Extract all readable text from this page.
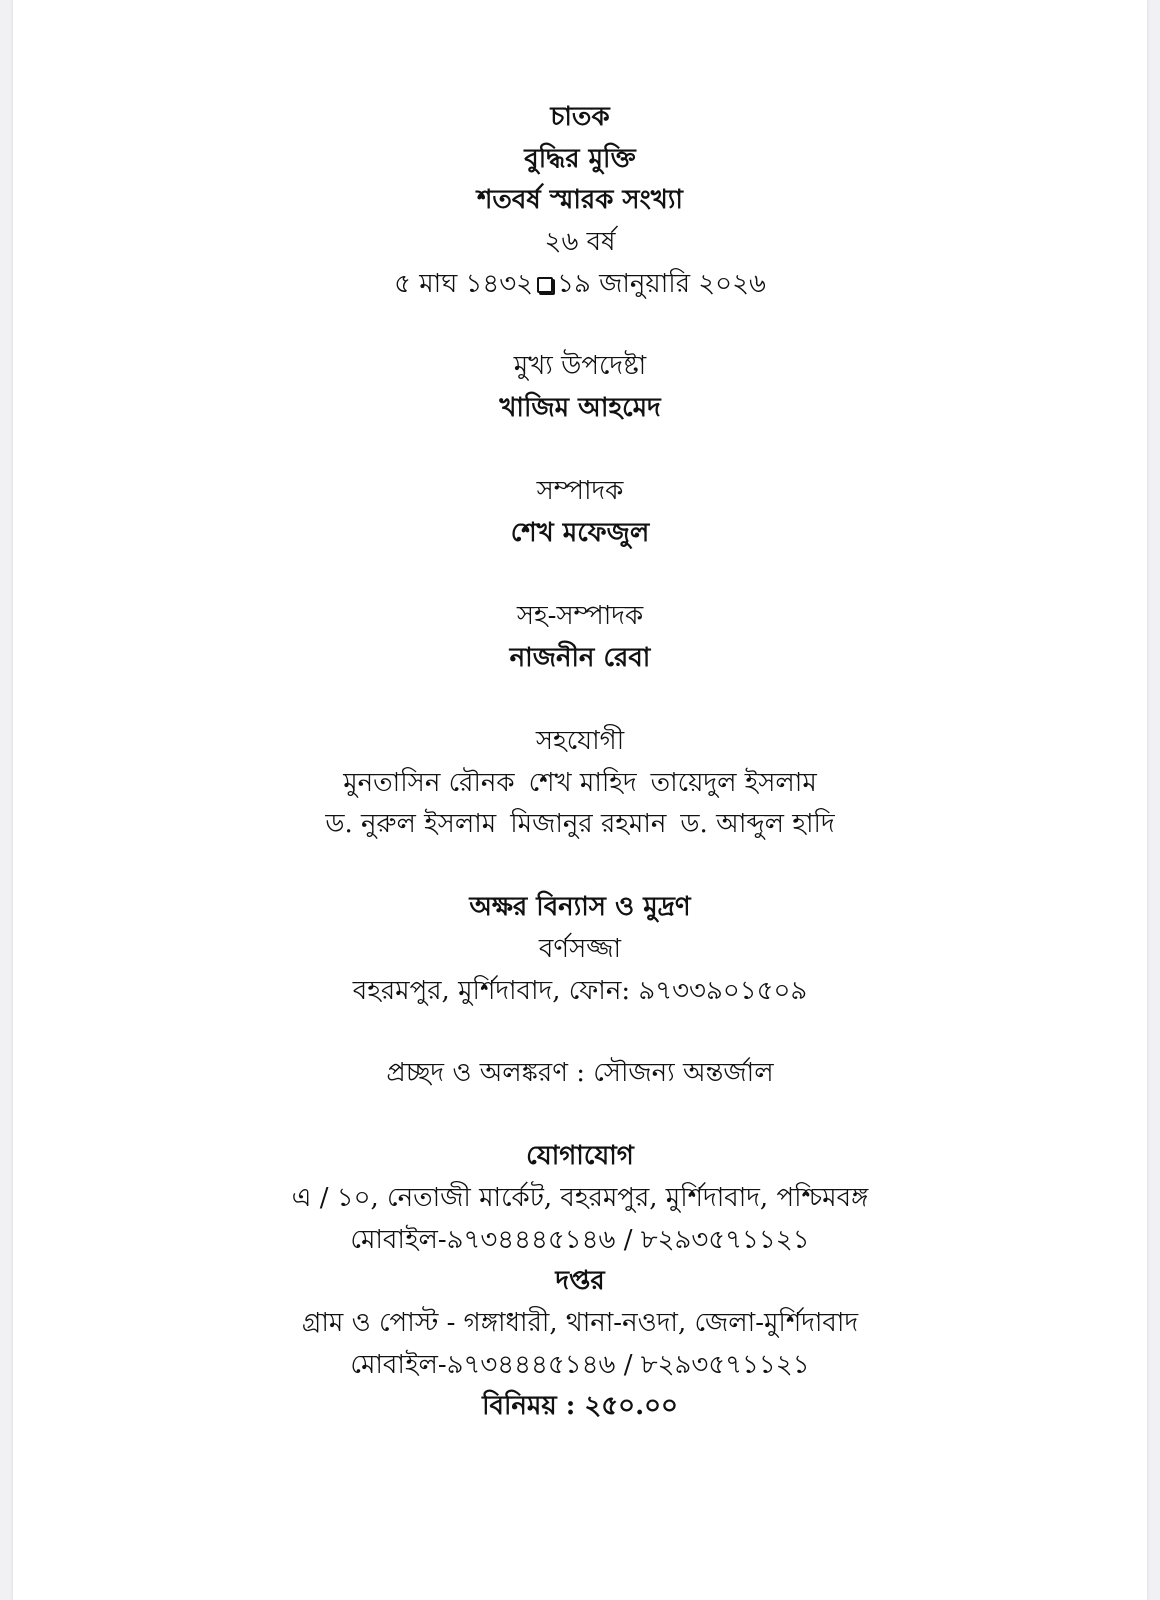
চাতক

বুদ্ধির মুক্তি

শতবর্ষ স্মারক সংখ্যা

২৬ বর্ষ

৫ মাঘ ১৪৩২ ১৯ জানুয়ারি ২০২৬

মুখ্য উপদেষ্টা

খাজিম আহমেদ

সম্পাদক

শেখ মফেজুল

সহ-সম্পাদক

নাজনীন রেবা

সহযোগী

মুনতাসিন রৌনক শেখ মাহিদ তায়েদুল ইসলাম

ড. নুরুল ইসলাম মিজানুর রহমান ড. আব্দুল হাদি

অক্ষর বিন্যাস ও মুদ্রণ

বর্ণসজ্জা

বহরমপুর, মুর্শিদাবাদ, ফোন: ৯৭৩৩৯০১৫০৯

প্রচ্ছদ ও অলঙ্করণ : সৌজন্য অন্তর্জাল

যোগাযোগ

এ / ১০, নেতাজী মার্কেট, বহরমপুর, মুর্শিদাবাদ, পশ্চিমবঙ্গ

মোবাইল-৯৭৩৪৪৪৫১৪৬ / ৮২৯৩৫৭১১২১

দপ্তর

গ্রাম ও পোস্ট - গঙ্গাধারী, থানা-নওদা, জেলা-মুর্শিদাবাদ

মোবাইল-৯৭৩৪৪৪৫১৪৬ / ৮২৯৩৫৭১১২১

বিনিময় : ২৫০.০০
